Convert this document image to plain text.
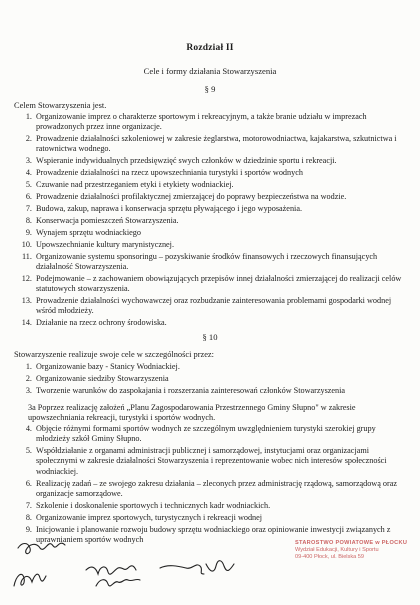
Rozdział II
Cele i formy działania Stowarzyszenia
§ 9
Celem Stowarzyszenia jest.
1. Organizowanie imprez o charakterze sportowym i rekreacyjnym, a także branie udziału w imprezach prowadzonych przez inne organizacje.
2. Prowadzenie działalności szkoleniowej w zakresie żeglarstwa, motorowodniactwa, kajakarstwa, szkutnictwa i ratownictwa wodnego.
3. Wspieranie indywidualnych przedsięwzięć swych członków w dziedzinie sportu i rekreacji.
4. Prowadzenie działalności na rzecz upowszechniania turystyki i sportów wodnych
5. Czuwanie nad przestrzeganiem etyki i etykiety wodniackiej.
6. Prowadzenie działalności profilaktycznej zmierzającej do poprawy bezpieczeństwa na wodzie.
7. Budowa, zakup, naprawa i konserwacja sprzętu pływającego i jego wyposażenia.
8. Konserwacja pomieszczeń Stowarzyszenia.
9. Wynajem sprzętu wodniackiego
10. Upowszechnianie kultury marynistycznej.
11. Organizowanie systemu sponsoringu – pozyskiwanie środków finansowych i rzeczowych finansujących działalność Stowarzyszenia.
12. Podejmowanie – z zachowaniem obowiązujących przepisów innej działalności zmierzającej do realizacji celów statutowych stowarzyszenia.
13. Prowadzenie działalności wychowawczej oraz rozbudzanie zainteresowania problemami gospodarki wodnej wśród młodzieży.
14. Działanie na rzecz ochrony środowiska.
§ 10
Stowarzyszenie realizuje swoje cele w szczególności przez:
1. Organizowanie bazy - Stanicy Wodniackiej.
2. Organizowanie siedziby Stowarzyszenia
3. Tworzenie warunków do zaspokajania i rozszerzania zainteresowań członków Stowarzyszenia
3a Poprzez realizację założeń „Planu Zagospodarowania Przestrzennego Gminy Słupno" w zakresie upowszechniania rekreacji, turystyki i sportów wodnych.
4. Objęcie różnymi formami sportów wodnych ze szczególnym uwzględnieniem turystyki szerokiej grupy młodzieży szkół Gminy Słupno.
5. Współdziałanie z organami administracji publicznej i samorządowej, instytucjami oraz organizacjami społecznymi w zakresie działalności Stowarzyszenia i reprezentowanie wobec nich interesów społeczności wodniackiej.
6. Realizację zadań – ze swojego zakresu działania – zleconych przez administrację rządową, samorządową oraz organizacje samorządowe.
7. Szkolenie i doskonalenie sportowych i technicznych kadr wodniackich.
8. Organizowanie imprez sportowych, turystycznych i rekreacji wodnej
9. Inicjowanie i planowanie rozwoju budowy sprzętu wodniackiego oraz opiniowanie inwestycji związanych z uprawnianiem sportów wodnych	STAROSTWO POWIATOWE w PŁOCKU
Wydział Edukacji, Kultury i Sportu
09-400 Płock, ul. Bielska 59
